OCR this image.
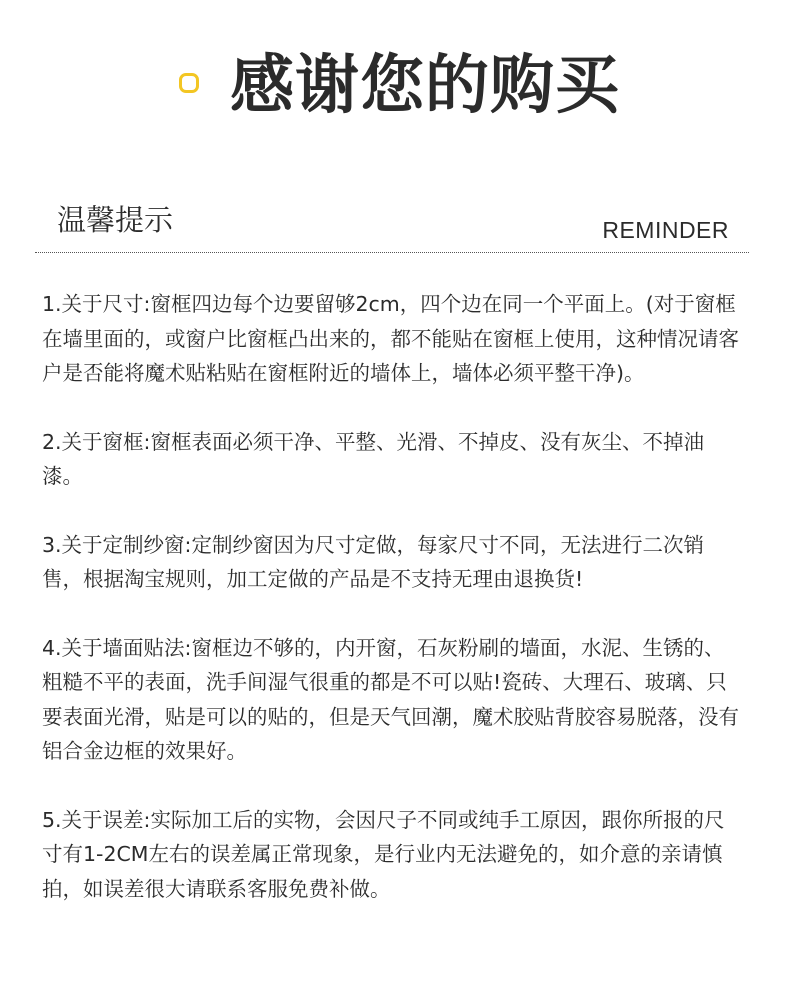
感谢您的购买
温馨提示	REMINDER

1.关于尺寸:窗框四边每个边要留够2cm，四个边在同一个平面上。(对于窗框在墙里面的，或窗户比窗框凸出来的，都不能贴在窗框上使用，这种情况请客户是否能将魔术贴粘贴在窗框附近的墙体上，墙体必须平整干净)。

2.关于窗框:窗框表面必须干净、平整、光滑、不掉皮、没有灰尘、不掉油漆。

3.关于定制纱窗:定制纱窗因为尺寸定做，每家尺寸不同，无法进行二次销售，根据淘宝规则，加工定做的产品是不支持无理由退换货!

4.关于墙面贴法:窗框边不够的，内开窗，石灰粉刷的墙面，水泥、生锈的、粗糙不平的表面，洗手间湿气很重的都是不可以贴!瓷砖、大理石、玻璃、只要表面光滑，贴是可以的贴的，但是天气回潮，魔术胶贴背胶容易脱落，没有铝合金边框的效果好。

5.关于误差:实际加工后的实物，会因尺子不同或纯手工原因，跟你所报的尺寸有1-2CM左右的误差属正常现象，是行业内无法避免的，如介意的亲请慎拍，如误差很大请联系客服免费补做。
